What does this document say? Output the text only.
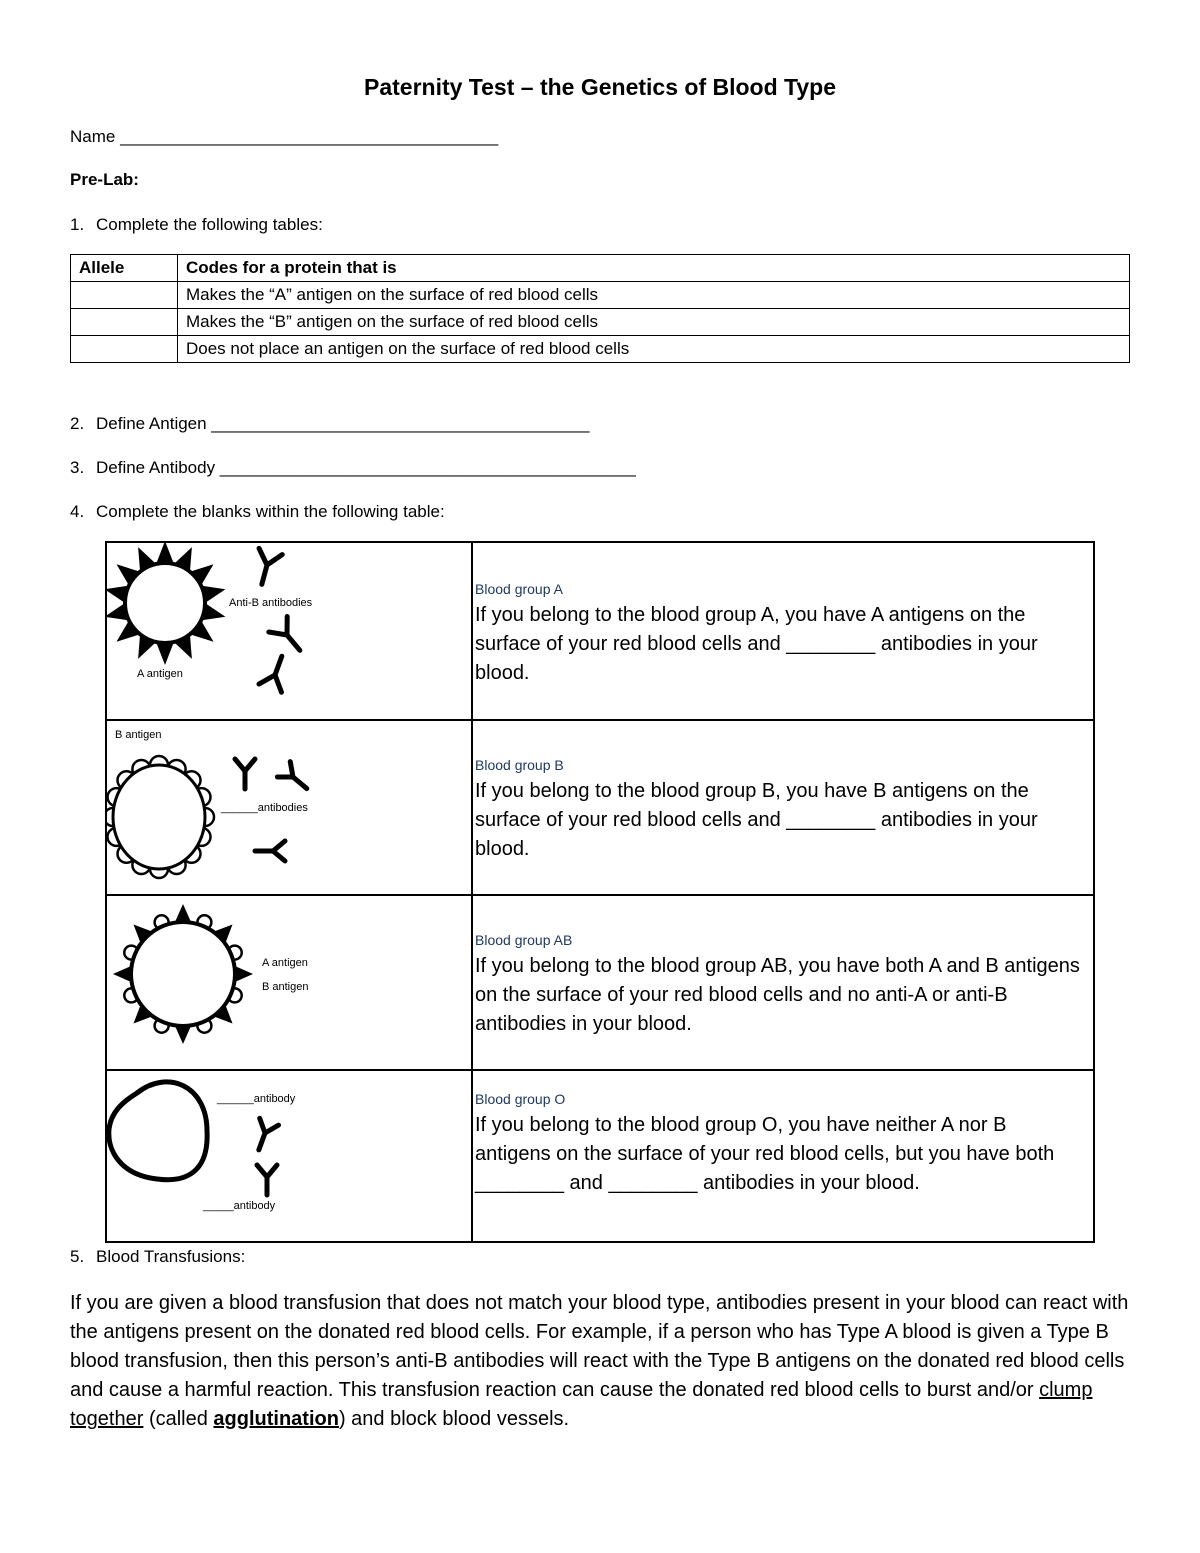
Paternity Test – the Genetics of Blood Type
Name ________________________________________
Pre-Lab:
1. Complete the following tables:
Allele	Codes for a protein that is
	Makes the “A” antigen on the surface of red blood cells
	Makes the “B” antigen on the surface of red blood cells
	Does not place an antigen on the surface of red blood cells
2. Define Antigen ________________________________________
3. Define Antibody ____________________________________________
4. Complete the blanks within the following table:
Anti-B antibodies
A antigen
Blood group A
If you belong to the blood group A, you have A antigens on the surface of your red blood cells and ________ antibodies in your blood.
B antigen
______antibodies
Blood group B
If you belong to the blood group B, you have B antigens on the surface of your red blood cells and ________ antibodies in your blood.
A antigen
B antigen
Blood group AB
If you belong to the blood group AB, you have both A and B antigens on the surface of your red blood cells and no anti-A or anti-B antibodies in your blood.
______antibody
_____antibody
Blood group O
If you belong to the blood group O, you have neither A nor B antigens on the surface of your red blood cells, but you have both
________ and ________ antibodies in your blood.
5. Blood Transfusions:
If you are given a blood transfusion that does not match your blood type, antibodies present in your blood can react with the antigens present on the donated red blood cells. For example, if a person who has Type A blood is given a Type B blood transfusion, then this person’s anti-B antibodies will react with the Type B antigens on the donated red blood cells and cause a harmful reaction. This transfusion reaction can cause the donated red blood cells to burst and/or clump together (called agglutination) and block blood vessels.
